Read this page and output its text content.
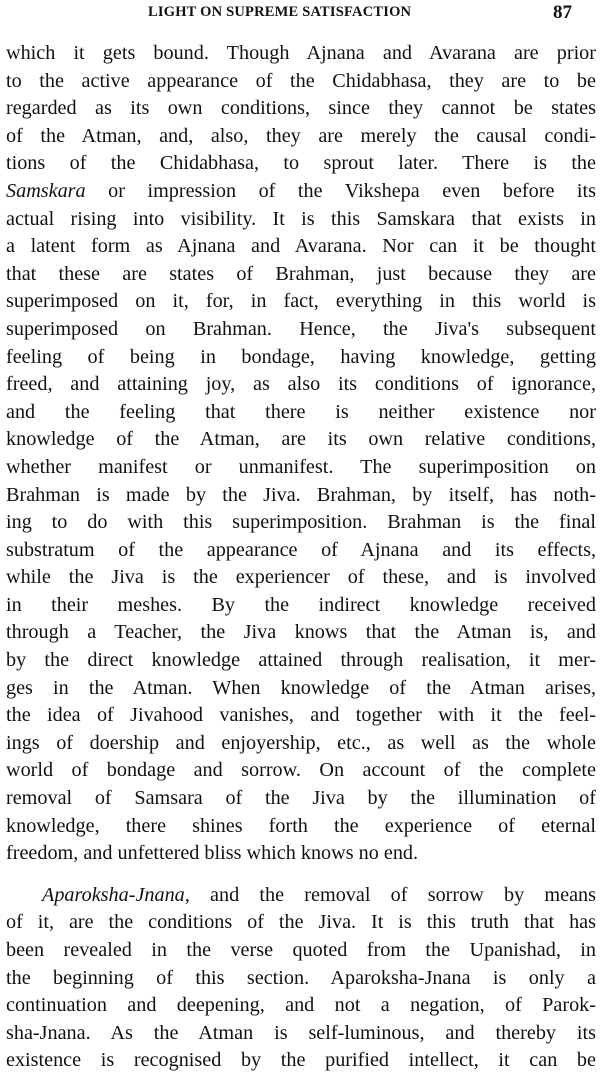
LIGHT ON SUPREME SATISFACTION	87
which it gets bound. Though Ajnana and Avarana are prior
to the active appearance of the Chidabhasa, they are to be
regarded as its own conditions, since they cannot be states
of the Atman, and, also, they are merely the causal condi-
tions of the Chidabhasa, to sprout later. There is the
Samskara or impression of the Vikshepa even before its
actual rising into visibility. It is this Samskara that exists in
a latent form as Ajnana and Avarana. Nor can it be thought
that these are states of Brahman, just because they are
superimposed on it, for, in fact, everything in this world is
superimposed on Brahman. Hence, the Jiva's subsequent
feeling of being in bondage, having knowledge, getting
freed, and attaining joy, as also its conditions of ignorance,
and the feeling that there is neither existence nor
knowledge of the Atman, are its own relative conditions,
whether manifest or unmanifest. The superimposition on
Brahman is made by the Jiva. Brahman, by itself, has noth-
ing to do with this superimposition. Brahman is the final
substratum of the appearance of Ajnana and its effects,
while the Jiva is the experiencer of these, and is involved
in their meshes. By the indirect knowledge received
through a Teacher, the Jiva knows that the Atman is, and
by the direct knowledge attained through realisation, it mer-
ges in the Atman. When knowledge of the Atman arises,
the idea of Jivahood vanishes, and together with it the feel-
ings of doership and enjoyership, etc., as well as the whole
world of bondage and sorrow. On account of the complete
removal of Samsara of the Jiva by the illumination of
knowledge, there shines forth the experience of eternal
freedom, and unfettered bliss which knows no end.
Aparoksha-Jnana, and the removal of sorrow by means
of it, are the conditions of the Jiva. It is this truth that has
been revealed in the verse quoted from the Upanishad, in
the beginning of this section. Aparoksha-Jnana is only a
continuation and deepening, and not a negation, of Parok-
sha-Jnana. As the Atman is self-luminous, and thereby its
existence is recognised by the purified intellect, it can be
